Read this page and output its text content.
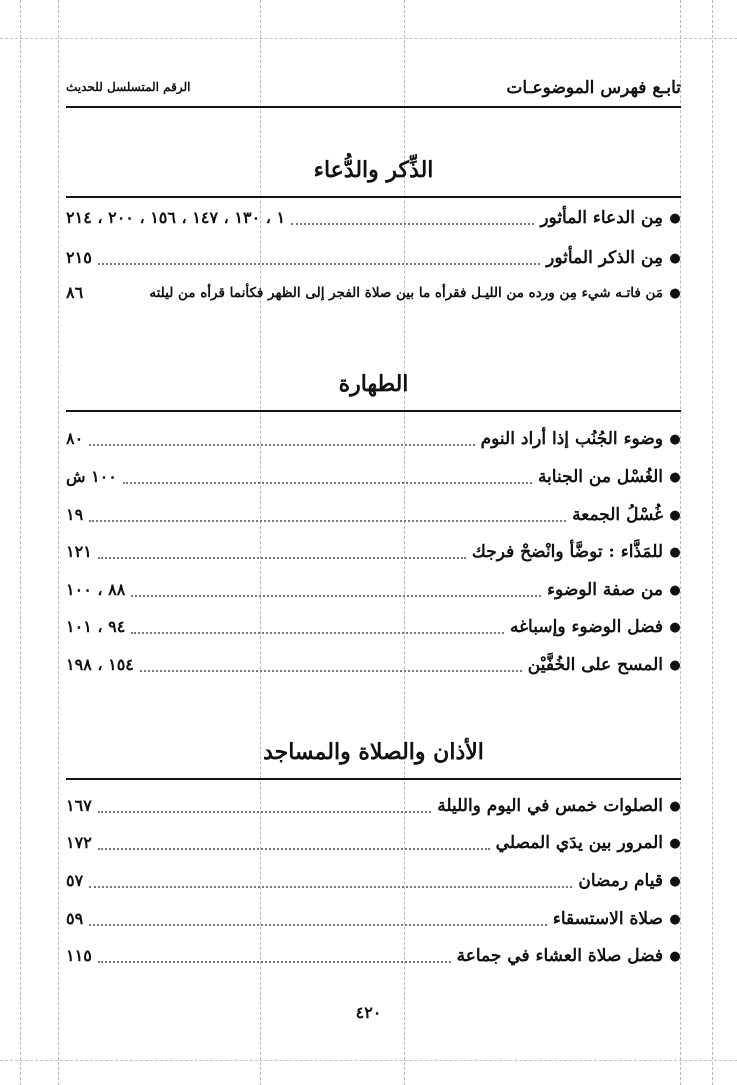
تابـع فهرس الموضوعـات
الرقم المتسلسل للحديث
الذِّكر والدُّعاء
●
مِن الدعاء المأثور
١ ، ١٣٠ ، ١٤٧ ، ١٥٦ ، ٢٠٠ ، ٢١٤
●
مِن الذكر المأثور
٢١٥
●
مَن فاتـه شيء مِن ورده من الليـل فقرأه ما بين صلاة الفجر إلى الظهر فكأنما قرأه من ليلته
٨٦
الطهارة
●
وضوء الجُنُب إذا أراد النوم
٨٠
●
الغُسْل من الجنابة
١٠٠ ش
●
غُسْلُ الجمعة
١٩
●
للمَذَّاء : توضَّأ وانْضحْ فرجك
١٢١
●
من صفة الوضوء
٨٨ ، ١٠٠
●
فضل الوضوء وإسباغه
٩٤ ، ١٠١
●
المسح على الخُفَّيْن
١٥٤ ، ١٩٨
الأذان والصلاة والمساجد
●
الصلوات خمس في اليوم والليلة
١٦٧
●
المرور بين يدَي المصلي
١٧٢
●
قيام رمضان
٥٧
●
صلاة الاستسقاء
٥٩
●
فضل صلاة العشاء في جماعة
١١٥
٤٢٠
